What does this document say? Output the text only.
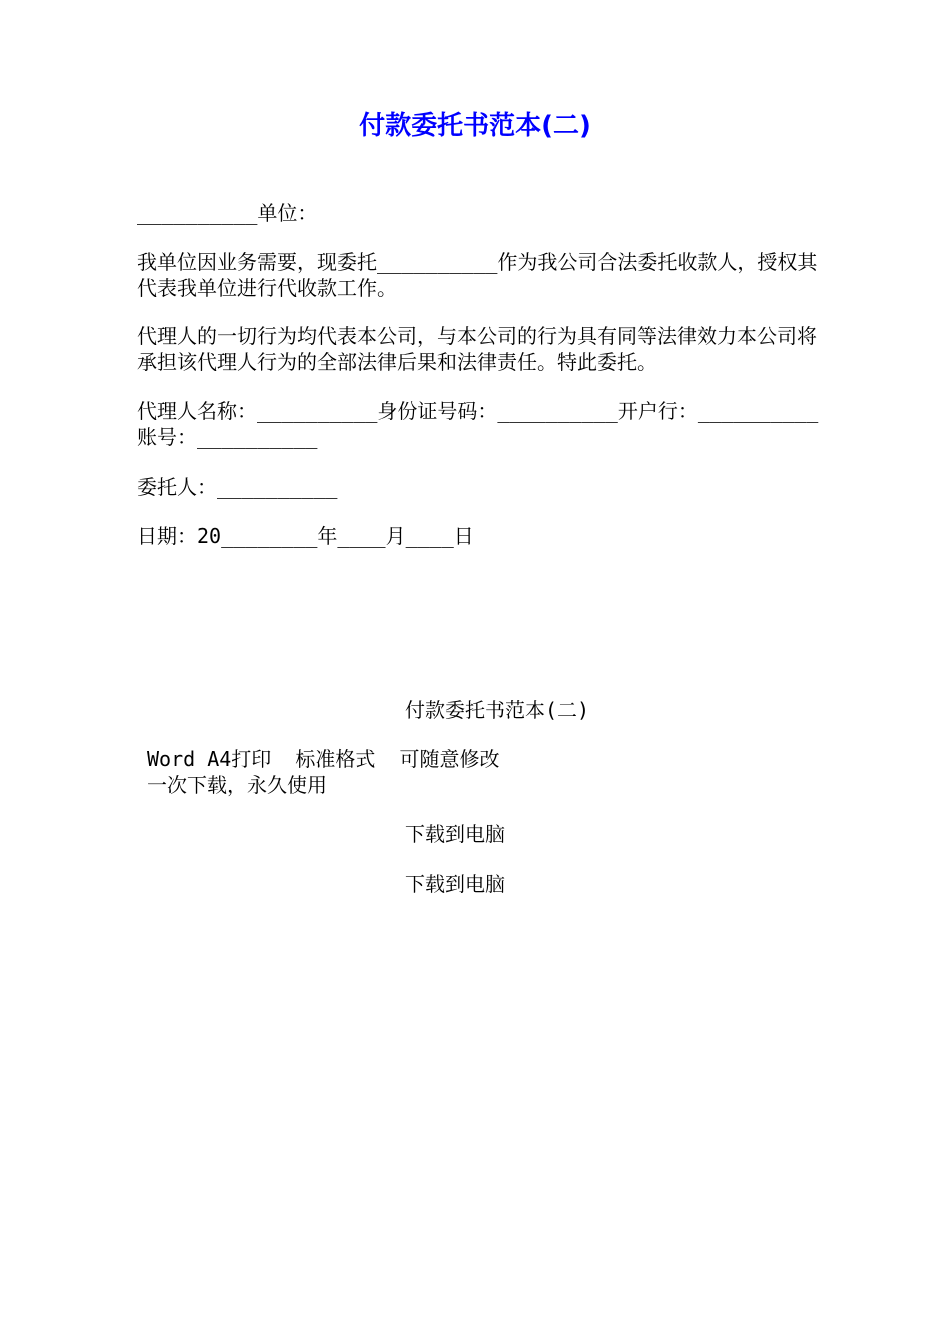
付款委托书范本(二)
__________单位：
我单位因业务需要，现委托__________作为我公司合法委托收款人，授权其代表我单位进行代收款工作。
代理人的一切行为均代表本公司，与本公司的行为具有同等法律效力本公司将承担该代理人行为的全部法律后果和法律责任。特此委托。
代理人名称：__________身份证号码：__________开户行：__________账号：__________
委托人：__________
日期：20________年____月____日
付款委托书范本(二)
Word A4打印  标准格式  可随意修改
一次下载，永久使用
下载到电脑
下载到电脑
